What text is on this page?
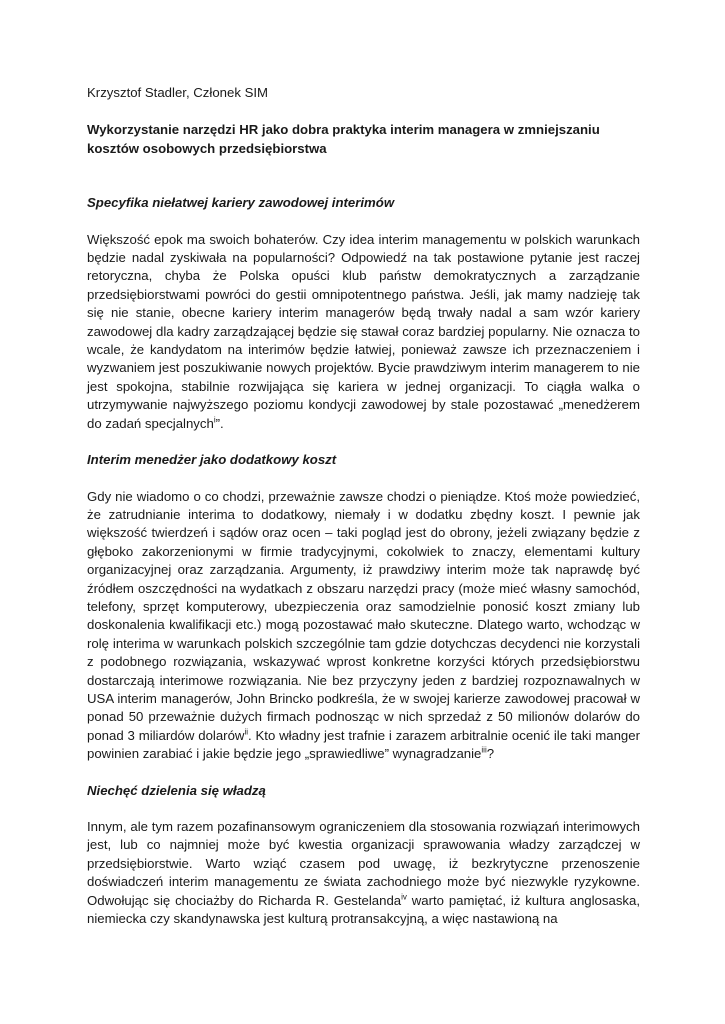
Krzysztof Stadler, Członek SIM

Wykorzystanie narzędzi HR jako dobra praktyka interim managera w zmniejszaniu kosztów osobowych przedsiębiorstwa

Specyfika niełatwej kariery zawodowej interimów

Większość epok ma swoich bohaterów. Czy idea interim managementu w polskich warunkach będzie nadal zyskiwała na popularności? Odpowiedź na tak postawione pytanie jest raczej retoryczna, chyba że Polska opuści klub państw demokratycznych a zarządzanie przedsiębiorstwami powróci do gestii omnipotentnego państwa. Jeśli, jak mamy nadzieję tak się nie stanie, obecne kariery interim managerów będą trwały nadal a sam wzór kariery zawodowej dla kadry zarządzającej będzie się stawał coraz bardziej popularny. Nie oznacza to wcale, że kandydatom na interimów będzie łatwiej, ponieważ zawsze ich przeznaczeniem i wyzwaniem jest poszukiwanie nowych projektów. Bycie prawdziwym interim managerem to nie jest spokojna, stabilnie rozwijająca się kariera w jednej organizacji. To ciągła walka o utrzymywanie najwyższego poziomu kondycji zawodowej by stale pozostawać „menedżerem do zadań specjalnych$^i$”.

Interim menedżer jako dodatkowy koszt

Gdy nie wiadomo o co chodzi, przeważnie zawsze chodzi o pieniądze. Ktoś może powiedzieć, że zatrudnianie interima to dodatkowy, niemały i w dodatku zbędny koszt. I pewnie jak większość twierdzeń i sądów oraz ocen – taki pogląd jest do obrony, jeżeli związany będzie z głęboko zakorzenionymi w firmie tradycyjnymi, cokolwiek to znaczy, elementami kultury organizacyjnej oraz zarządzania. Argumenty, iż prawdziwy interim może tak naprawdę być źródłem oszczędności na wydatkach z obszaru narzędzi pracy (może mieć własny samochód, telefony, sprzęt komputerowy, ubezpieczenia oraz samodzielnie ponosić koszt zmiany lub doskonalenia kwalifikacji etc.) mogą pozostawać mało skuteczne. Dlatego warto, wchodząc w rolę interima w warunkach polskich szczególnie tam gdzie dotychczas decydenci nie korzystali z podobnego rozwiązania, wskazywać wprost konkretne korzyści których przedsiębiorstwu dostarczają interimowe rozwiązania. Nie bez przyczyny jeden z bardziej rozpoznawalnych w USA interim managerów, John Brincko podkreśla, że w swojej karierze zawodowej pracował w ponad 50 przeważnie dużych firmach podnosząc w nich sprzedaż z 50 milionów dolarów do ponad 3 miliardów dolarów$^{ii}$. Kto władny jest trafnie i zarazem arbitralnie ocenić ile taki manger powinien zarabiać i jakie będzie jego „sprawiedliwe” wynagradzanie$^{iii}$?

Niechęć dzielenia się władzą

Innym, ale tym razem pozafinansowym ograniczeniem dla stosowania rozwiązań interimowych jest, lub co najmniej może być kwestia organizacji sprawowania władzy zarządczej w przedsiębiorstwie. Warto wziąć czasem pod uwagę, iż bezkrytyczne przenoszenie doświadczeń interim managementu ze świata zachodniego może być niezwykle ryzykowne. Odwołując się chociażby do Richarda R. Gestelanda$^{iv}$ warto pamiętać, iż kultura anglosaska, niemiecka czy skandynawska jest kulturą protransakcyjną, a więc nastawioną na
